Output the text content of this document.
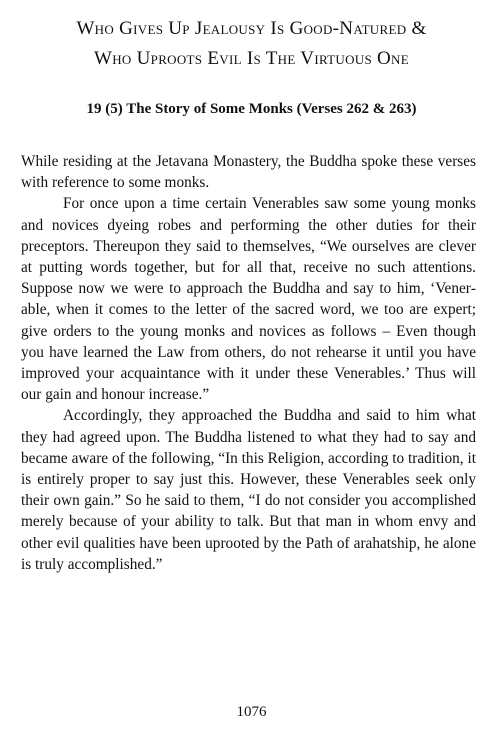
Who Gives Up Jealousy Is Good-Natured &
Who Uproots Evil Is The Virtuous One
19 (5) The Story of Some Monks (Verses 262 & 263)

While residing at the Jetavana Monastery, the Buddha spoke these verses with reference to some monks.

For once upon a time certain Venerables saw some young monks and novices dyeing robes and performing the other duties for their preceptors. Thereupon they said to themselves, “We ourselves are clever at putting words together, but for all that, receive no such attentions. Suppose now we were to approach the Buddha and say to him, ‘Venerable, when it comes to the letter of the sacred word, we too are expert; give orders to the young monks and novices as follows – Even though you have learned the Law from others, do not rehearse it until you have improved your acquaintance with it under these Venerables.’ Thus will our gain and honour increase.”

Accordingly, they approached the Buddha and said to him what they had agreed upon. The Buddha listened to what they had to say and became aware of the following, “In this Religion, according to tradition, it is entirely proper to say just this. However, these Venerables seek only their own gain.” So he said to them, “I do not consider you accomplished merely because of your ability to talk. But that man in whom envy and other evil qualities have been uprooted by the Path of arahatship, he alone is truly accomplished.”

1076
